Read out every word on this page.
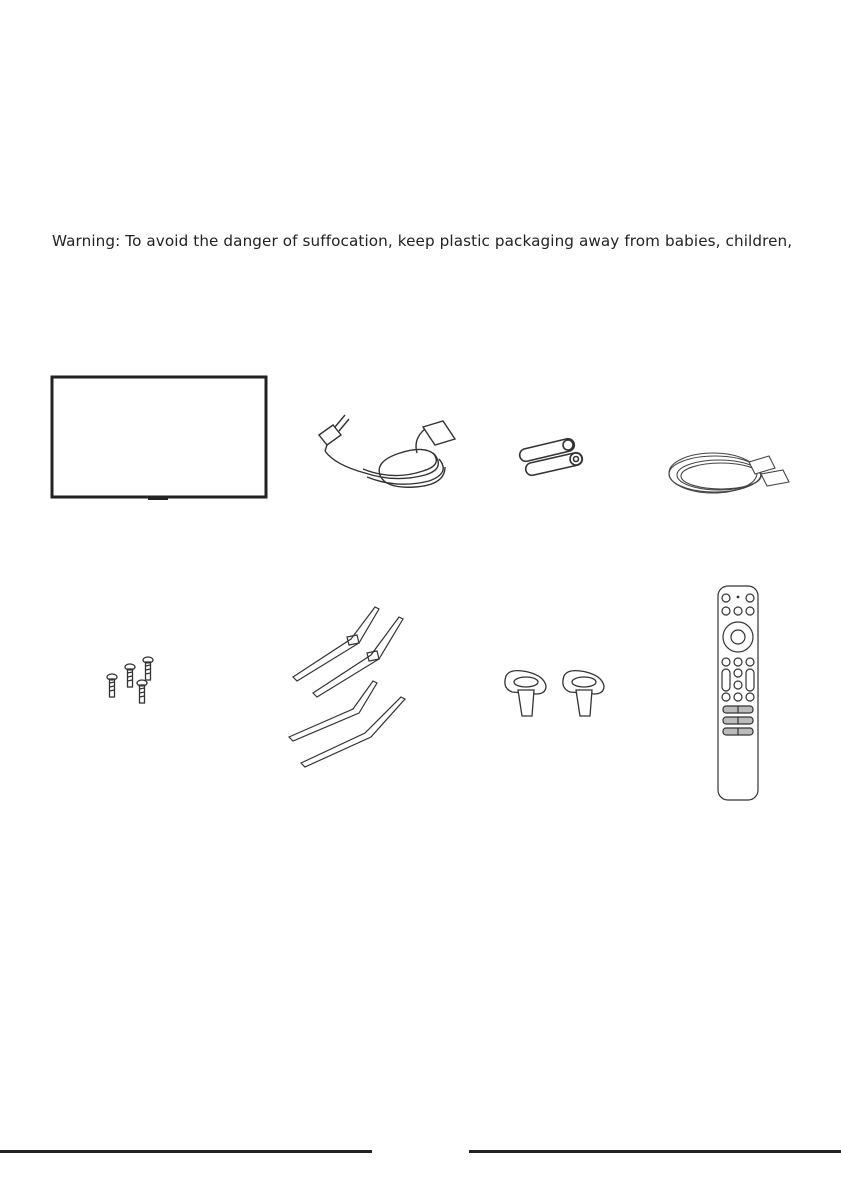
Warning: To avoid the danger of suffocation, keep plastic packaging away from babies, children,
